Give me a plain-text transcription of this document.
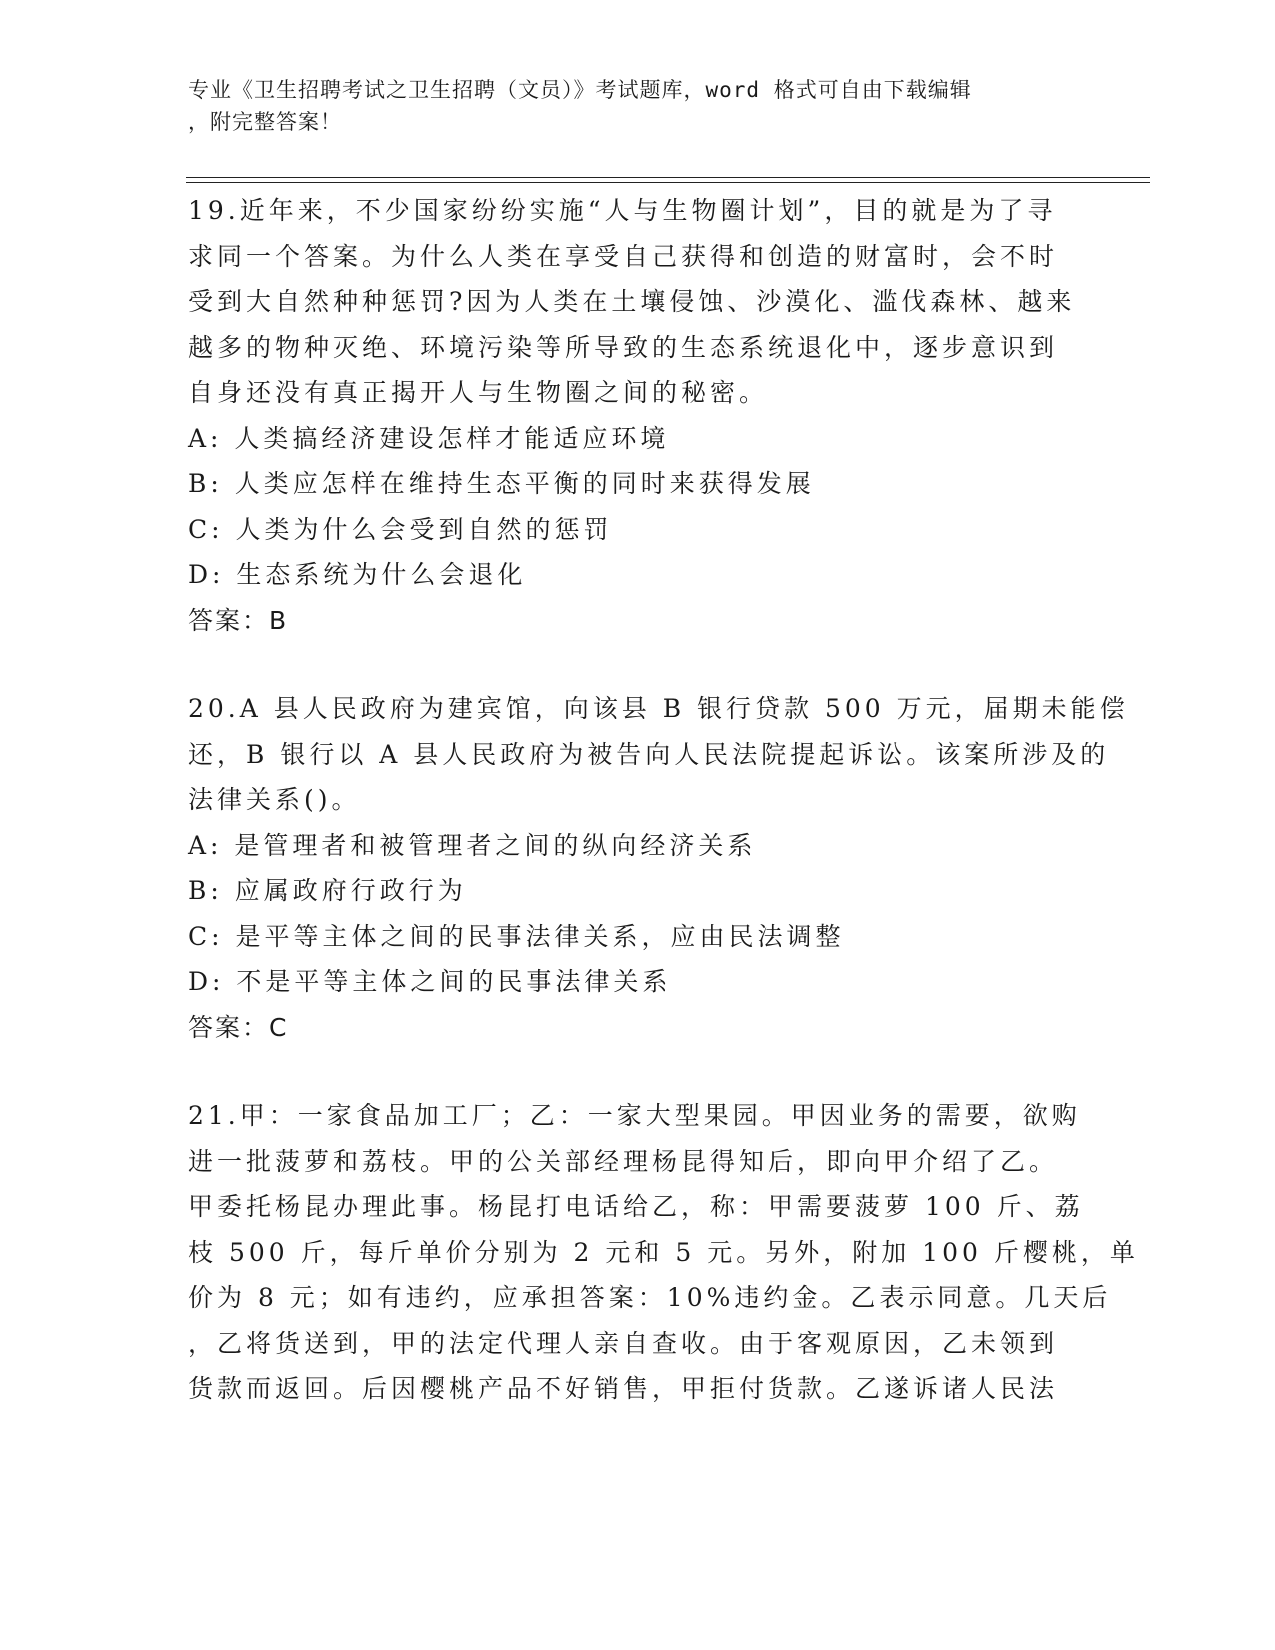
专业《卫生招聘考试之卫生招聘（文员）》考试题库，word 格式可自由下载编辑
，附完整答案！
19.近年来，不少国家纷纷实施“人与生物圈计划”，目的就是为了寻
求同一个答案。为什么人类在享受自己获得和创造的财富时，会不时
受到大自然种种惩罚?因为人类在土壤侵蚀、沙漠化、滥伐森林、越来
越多的物种灭绝、环境污染等所导致的生态系统退化中，逐步意识到
自身还没有真正揭开人与生物圈之间的秘密。
A: 人类搞经济建设怎样才能适应环境
B: 人类应怎样在维持生态平衡的同时来获得发展
C: 人类为什么会受到自然的惩罚
D: 生态系统为什么会退化
答案：B
20.A 县人民政府为建宾馆，向该县 B 银行贷款 500 万元，届期未能偿
还，B 银行以 A 县人民政府为被告向人民法院提起诉讼。该案所涉及的
法律关系()。
A: 是管理者和被管理者之间的纵向经济关系
B: 应属政府行政行为
C: 是平等主体之间的民事法律关系，应由民法调整
D: 不是平等主体之间的民事法律关系
答案：C
21.甲：一家食品加工厂；乙：一家大型果园。甲因业务的需要，欲购
进一批菠萝和荔枝。甲的公关部经理杨昆得知后，即向甲介绍了乙。
甲委托杨昆办理此事。杨昆打电话给乙，称：甲需要菠萝 100 斤、荔
枝 500 斤，每斤单价分别为 2 元和 5 元。另外，附加 100 斤樱桃，单
价为 8 元；如有违约，应承担答案：10%违约金。乙表示同意。几天后
，乙将货送到，甲的法定代理人亲自查收。由于客观原因，乙未领到
货款而返回。后因樱桃产品不好销售，甲拒付货款。乙遂诉诸人民法
